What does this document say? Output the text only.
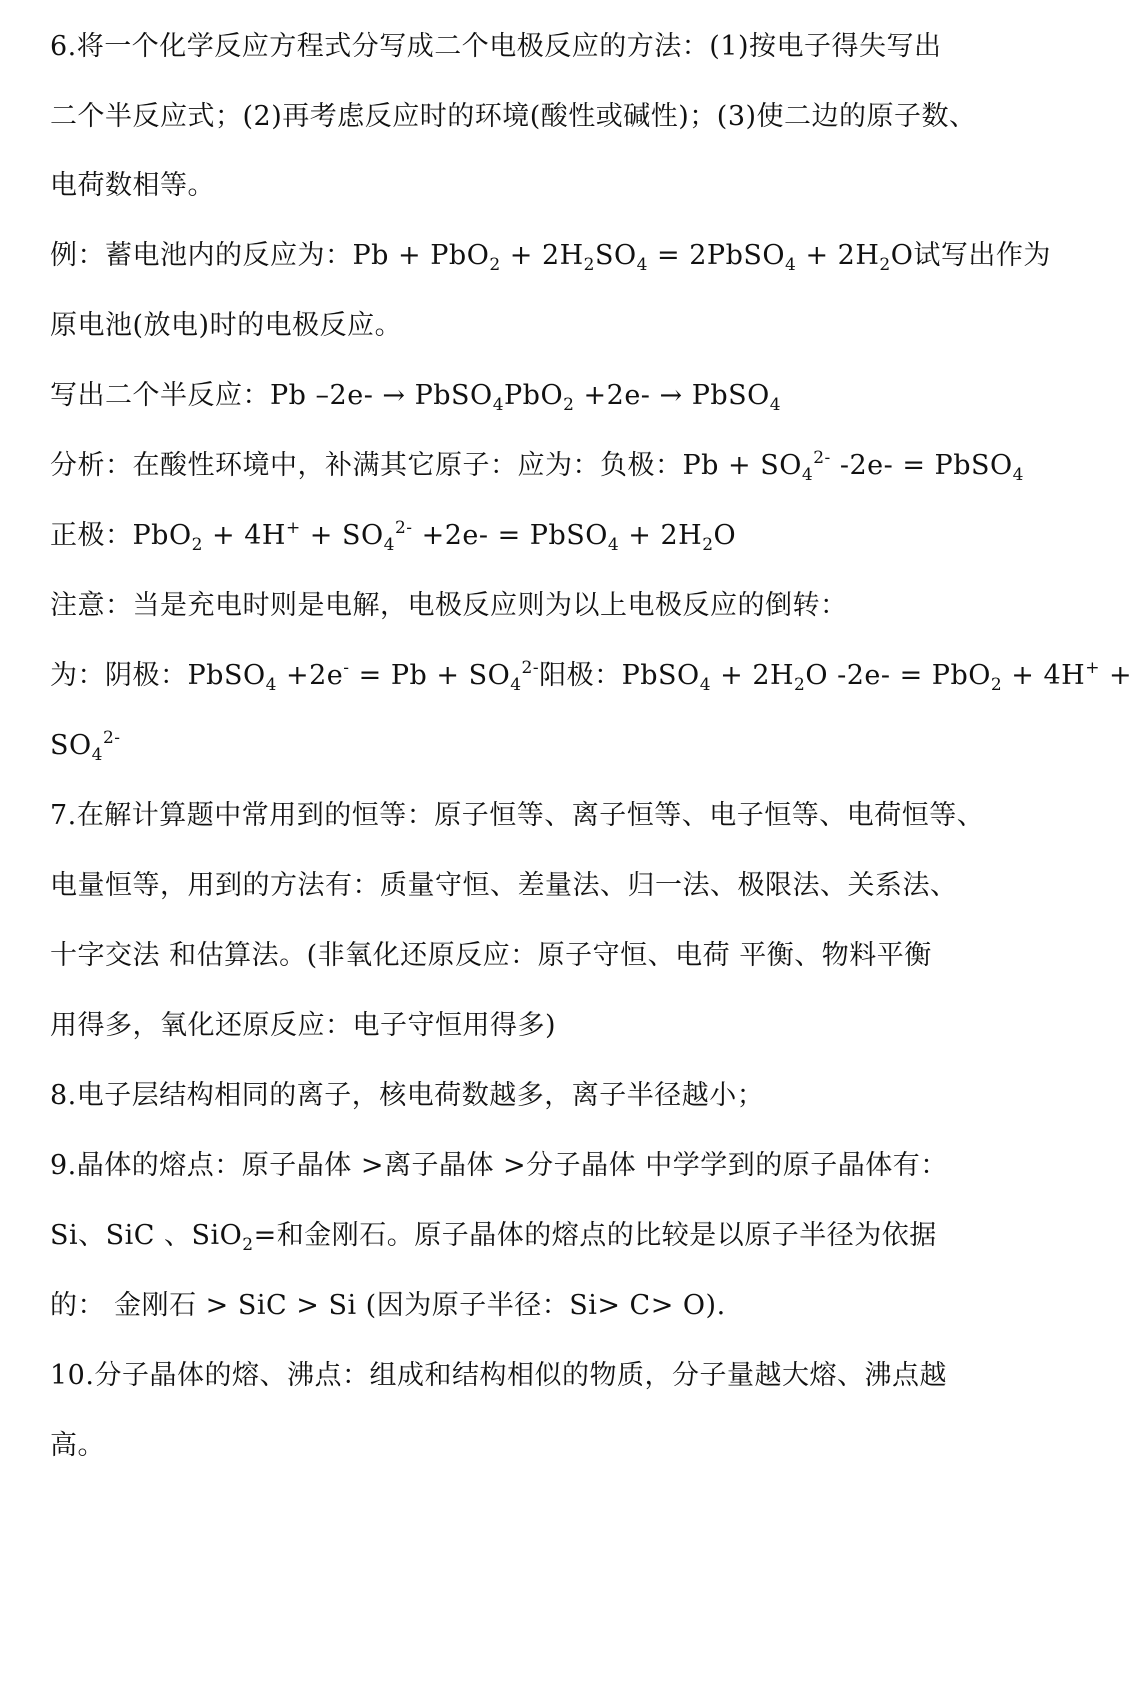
6.将一个化学反应方程式分写成二个电极反应的方法：(1)按电子得失写出
二个半反应式；(2)再考虑反应时的环境(酸性或碱性)；(3)使二边的原子数、
电荷数相等。
例：蓄电池内的反应为：$Pb + PbO_2 + 2H_2SO_4$ = 2PbSO$_4$ + $2H_2O$试写出作为
原电池(放电)时的电极反应。
写出二个半反应：Pb –2e- → PbSO$_4$PbO$_2$ +2e- → PbSO$_4$
分析：在酸性环境中，补满其它原子：应为：负极：$Pb + SO_4^{2-}$ -2e- = PbSO$_4$
正极：$PbO_2 + 4H^+ + SO_4^{2-} +2e-$ = PbSO$_4$ + $2H_2O$
注意：当是充电时则是电解，电极反应则为以上电极反应的倒转：
为：阴极：PbSO$_4$ $+2e^- = Pb + SO_4^{2-}$阳极：PbSO$_4$ + $2H_2O$ -2e- = PbO$_2$ + 4H+ +
$SO_4^{2-}$
7.在解计算题中常用到的恒等：原子恒等、离子恒等、电子恒等、电荷恒等、
电量恒等，用到的方法有：质量守恒、差量法、归一法、极限法、关系法、
十字交法 和估算法。(非氧化还原反应：原子守恒、电荷 平衡、物料平衡
用得多，氧化还原反应：电子守恒用得多)
8.电子层结构相同的离子，核电荷数越多，离子半径越小；
9.晶体的熔点：原子晶体 >离子晶体 >分子晶体 中学学到的原子晶体有：
Si、SiC 、SiO$_2$=和金刚石。原子晶体的熔点的比较是以原子半径为依据
的： 金刚石 > SiC > Si (因为原子半径：Si> C> O).
10.分子晶体的熔、沸点：组成和结构相似的物质，分子量越大熔、沸点越
高。
